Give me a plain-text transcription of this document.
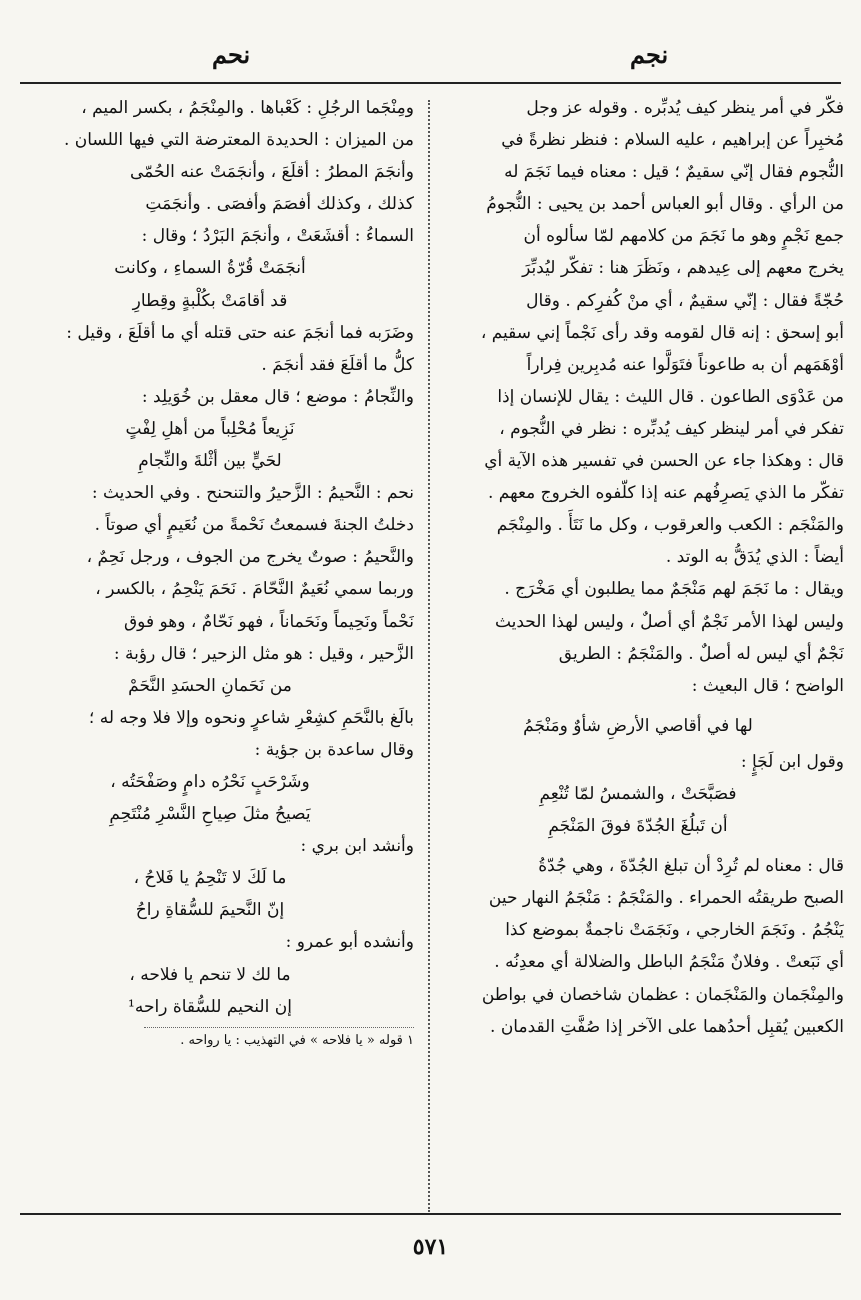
نجم
نحم
فكّر في أمر ينظر كيف يُدبِّره . وقوله عز وجل
مُخبِراً عن إبراهيم ، عليه السلام : فنظر نظرةً في
النُّجوم فقال إنّي سقيمٌ ؛ قيل : معناه فيما نَجَمَ له
من الرأي . وقال أبو العباس أحمد بن يحيى : النُّجومُ
جمع نَجْمٍ وهو ما نَجَمَ من كلامهم لمّا سألوه أن
يخرج معهم إلى عِيدهم ، ونَظَرَ هنا : تفكّر ليُدبِّرَ
حُجّةً فقال : إنّي سقيمٌ ، أي منْ كُفرِكم . وقال
أبو إسحق : إنه قال لقومه وقد رأى نَجْماً إني سقيم ،
أوْهَمَهم أن به طاعوناً فتَوَلَّوا عنه مُدبِرين فِراراً
من عَدْوَى الطاعون . قال الليث : يقال للإنسان إذا
تفكر في أمر لينظر كيف يُدبِّره : نظر في النُّجوم ،
قال : وهكذا جاء عن الحسن في تفسير هذه الآية أي
تفكّر ما الذي يَصرِفُهم عنه إذا كلّفوه الخروج معهم .
والمَنْجَم : الكعب والعرقوب ، وكل ما نَتَأَ . والمِنْجَم
أيضاً : الذي يُدَقُّ به الوتد .
ويقال : ما نَجَمَ لهم مَنْجَمٌ مما يطلبون أي مَخْرَج .
وليس لهذا الأمر نَجْمٌ أي أصلٌ ، وليس لهذا الحديث
نَجْمٌ أي ليس له أصلٌ . والمَنْجَمُ : الطريق
الواضح ؛ قال البعيث :
لها في أقاصي الأرضِ شأوٌ ومَنْجَمُ
وقول ابن لَجَإٍ :
فصَبَّحَتْ ، والشمسُ لمّا تُنْعِمِ
أن تَبلُغَ الجُدّةَ فوقَ المَنْجَمِ
قال : معناه لم تُرِدْ أن تبلغ الجُدّةَ ، وهي جُدّةُ
الصبح طريقتُه الحمراء . والمَنْجَمُ : مَنْجَمُ النهار حين
يَنْجُمُ . ونَجَمَ الخارجي ، ونَجَمَتْ ناجمةٌ بموضع كذا
أي نَبَعتْ . وفلانٌ مَنْجَمُ الباطل والضلالة أي معدِنُه .
والمِنْجَمان والمَنْجَمان : عظمان شاخصان في بواطن
الكعبين يُقبِل أحدُهما على الآخر إذا صُفَّتِ القدمان .
ومِنْجَما الرجُلِ : كَعْباها . والمِنْجَمُ ، بكسر الميم ،
من الميزان : الحديدة المعترضة التي فيها اللسان .
وأنجَمَ المطرُ : أقلَعَ ، وأنجَمَتْ عنه الحُمّى
كذلك ، وكذلك أفصَمَ وأفصَى . وأنجَمَتِ
السماءُ : أقشَعَتْ ، وأنجَمَ البَرْدُ ؛ وقال :
أنجَمَتْ قُرّةُ السماءِ ، وكانت
قد أقامَتْ بكُلْبةٍ وقِطارِ
وضَرَبه فما أنجَمَ عنه حتى قتله أي ما أقلَعَ ، وقيل :
كلُّ ما أقلَعَ فقد أنجَمَ .
والنِّجامُ : موضع ؛ قال معقل بن خُوَيلِد :
نَزِيعاً مُحْلِباً من أهلِ لِفْتٍ
لحَيٍّ بين أثْلةَ والنِّجامِ
نحم : النَّحيمُ : الزَّحيرُ والتنحنح . وفي الحديث :
دخلتُ الجنةَ فسمعتُ نَحْمةً من نُعَيمٍ أي صوتاً .
والنَّحيمُ : صوتٌ يخرج من الجوف ، ورجل نَحِمٌ ،
وربما سمي نُعَيمٌ النَّحّامَ . نَحَمَ يَنْحِمُ ، بالكسر ،
نَحْماً ونَحِيماً ونَحَماناً ، فهو نَحّامٌ ، وهو فوق
الزَّحير ، وقيل : هو مثل الزحير ؛ قال رؤبة :
من نَحَمانِ الحسَدِ النَّحَمْ
بالَغ بالنَّحَمِ كشِعْرِ شاعرٍ ونحوه وإلا فلا وجه له ؛
وقال ساعدة بن جؤية :
وشَرْحَبٍ نَحْرُه دامٍ وصَفْحَتُه ،
يَصيحُ مثلَ صِياحِ النَّسْرِ مُنْتَحِمِ
وأنشد ابن بري :
ما لَكَ لا تَنْحِمُ يا فَلاحُ ،
إنّ النَّحيمَ للسُّقاةِ راحُ
وأنشده أبو عمرو :
ما لك لا تنحم يا فلاحه ،
إن النحيم للسُّقاة راحه¹
١ قوله « يا فلاحه » في التهذيب : يا رواحه .
٥٧١
